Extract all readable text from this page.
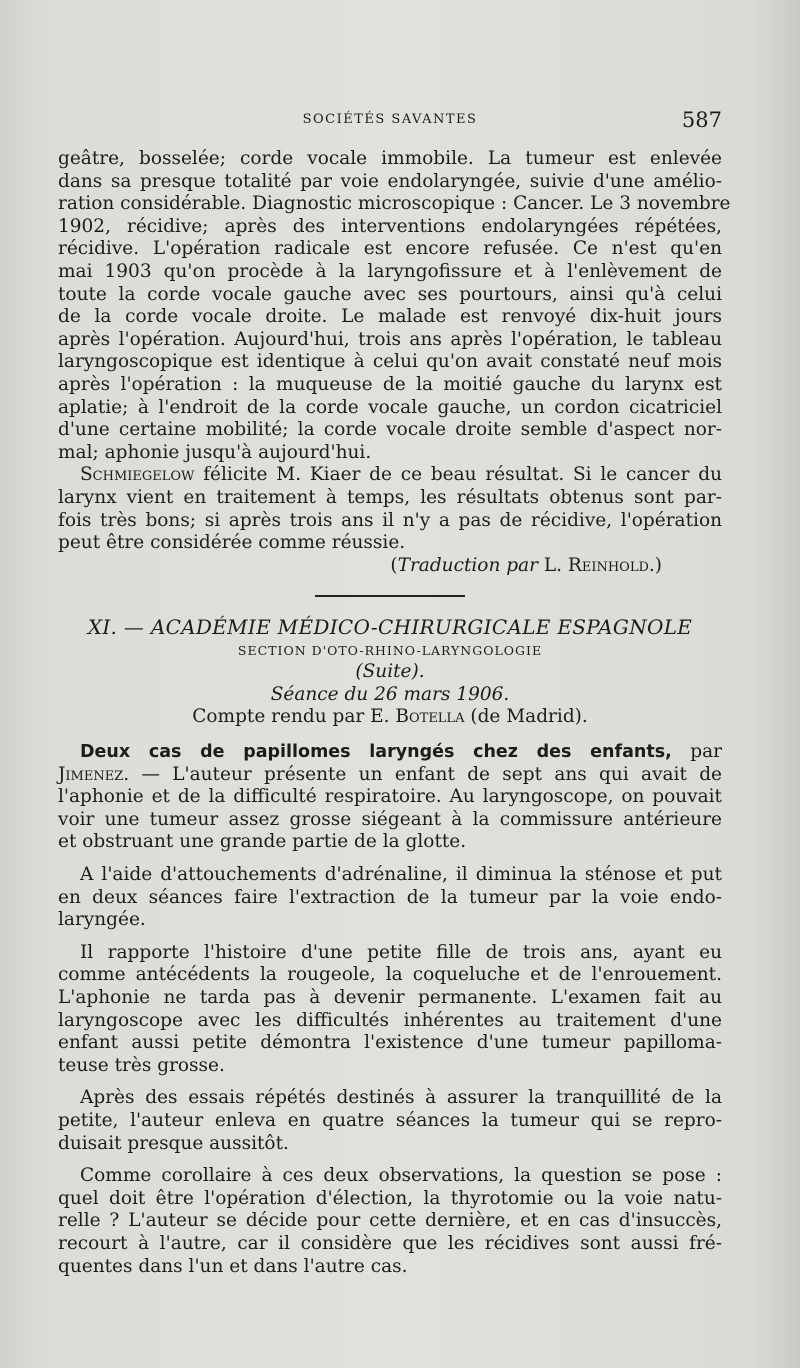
SOCIÉTÉS SAVANTES	587

geâtre, bosselée; corde vocale immobile. La tumeur est enlevée

dans sa presque totalité par voie endolaryngée, suivie d'une amélio-

ration considérable. Diagnostic microscopique : Cancer. Le 3 novembre

1902, récidive; après des interventions endolaryngées répétées,

récidive. L'opération radicale est encore refusée. Ce n'est qu'en

mai 1903 qu'on procède à la laryngofissure et à l'enlèvement de

toute la corde vocale gauche avec ses pourtours, ainsi qu'à celui

de la corde vocale droite. Le malade est renvoyé dix-huit jours

après l'opération. Aujourd'hui, trois ans après l'opération, le tableau

laryngoscopique est identique à celui qu'on avait constaté neuf mois

après l'opération : la muqueuse de la moitié gauche du larynx est

aplatie; à l'endroit de la corde vocale gauche, un cordon cicatriciel

d'une certaine mobilité; la corde vocale droite semble d'aspect nor-

mal; aphonie jusqu'à aujourd'hui.

Schmiegelow félicite M. Kiaer de ce beau résultat. Si le cancer du

larynx vient en traitement à temps, les résultats obtenus sont par-

fois très bons; si après trois ans il n'y a pas de récidive, l'opération

peut être considérée comme réussie.

(Traduction par L. Reinhold.)

XI. — ACADÉMIE MÉDICO-CHIRURGICALE ESPAGNOLE

SECTION D'OTO-RHINO-LARYNGOLOGIE

(Suite).

Séance du 26 mars 1906.

Compte rendu par E. Botella (de Madrid).

Deux cas de papillomes laryngés chez des enfants, par

Jimenez. — L'auteur présente un enfant de sept ans qui avait de

l'aphonie et de la difficulté respiratoire. Au laryngoscope, on pouvait

voir une tumeur assez grosse siégeant à la commissure antérieure

et obstruant une grande partie de la glotte.

A l'aide d'attouchements d'adrénaline, il diminua la sténose et put

en deux séances faire l'extraction de la tumeur par la voie endo-

laryngée.

Il rapporte l'histoire d'une petite fille de trois ans, ayant eu

comme antécédents la rougeole, la coqueluche et de l'enrouement.

L'aphonie ne tarda pas à devenir permanente. L'examen fait au

laryngoscope avec les difficultés inhérentes au traitement d'une

enfant aussi petite démontra l'existence d'une tumeur papilloma-

teuse très grosse.

Après des essais répétés destinés à assurer la tranquillité de la

petite, l'auteur enleva en quatre séances la tumeur qui se repro-

duisait presque aussitôt.

Comme corollaire à ces deux observations, la question se pose :

quel doit être l'opération d'élection, la thyrotomie ou la voie natu-

relle ? L'auteur se décide pour cette dernière, et en cas d'insuccès,

recourt à l'autre, car il considère que les récidives sont aussi fré-

quentes dans l'un et dans l'autre cas.
